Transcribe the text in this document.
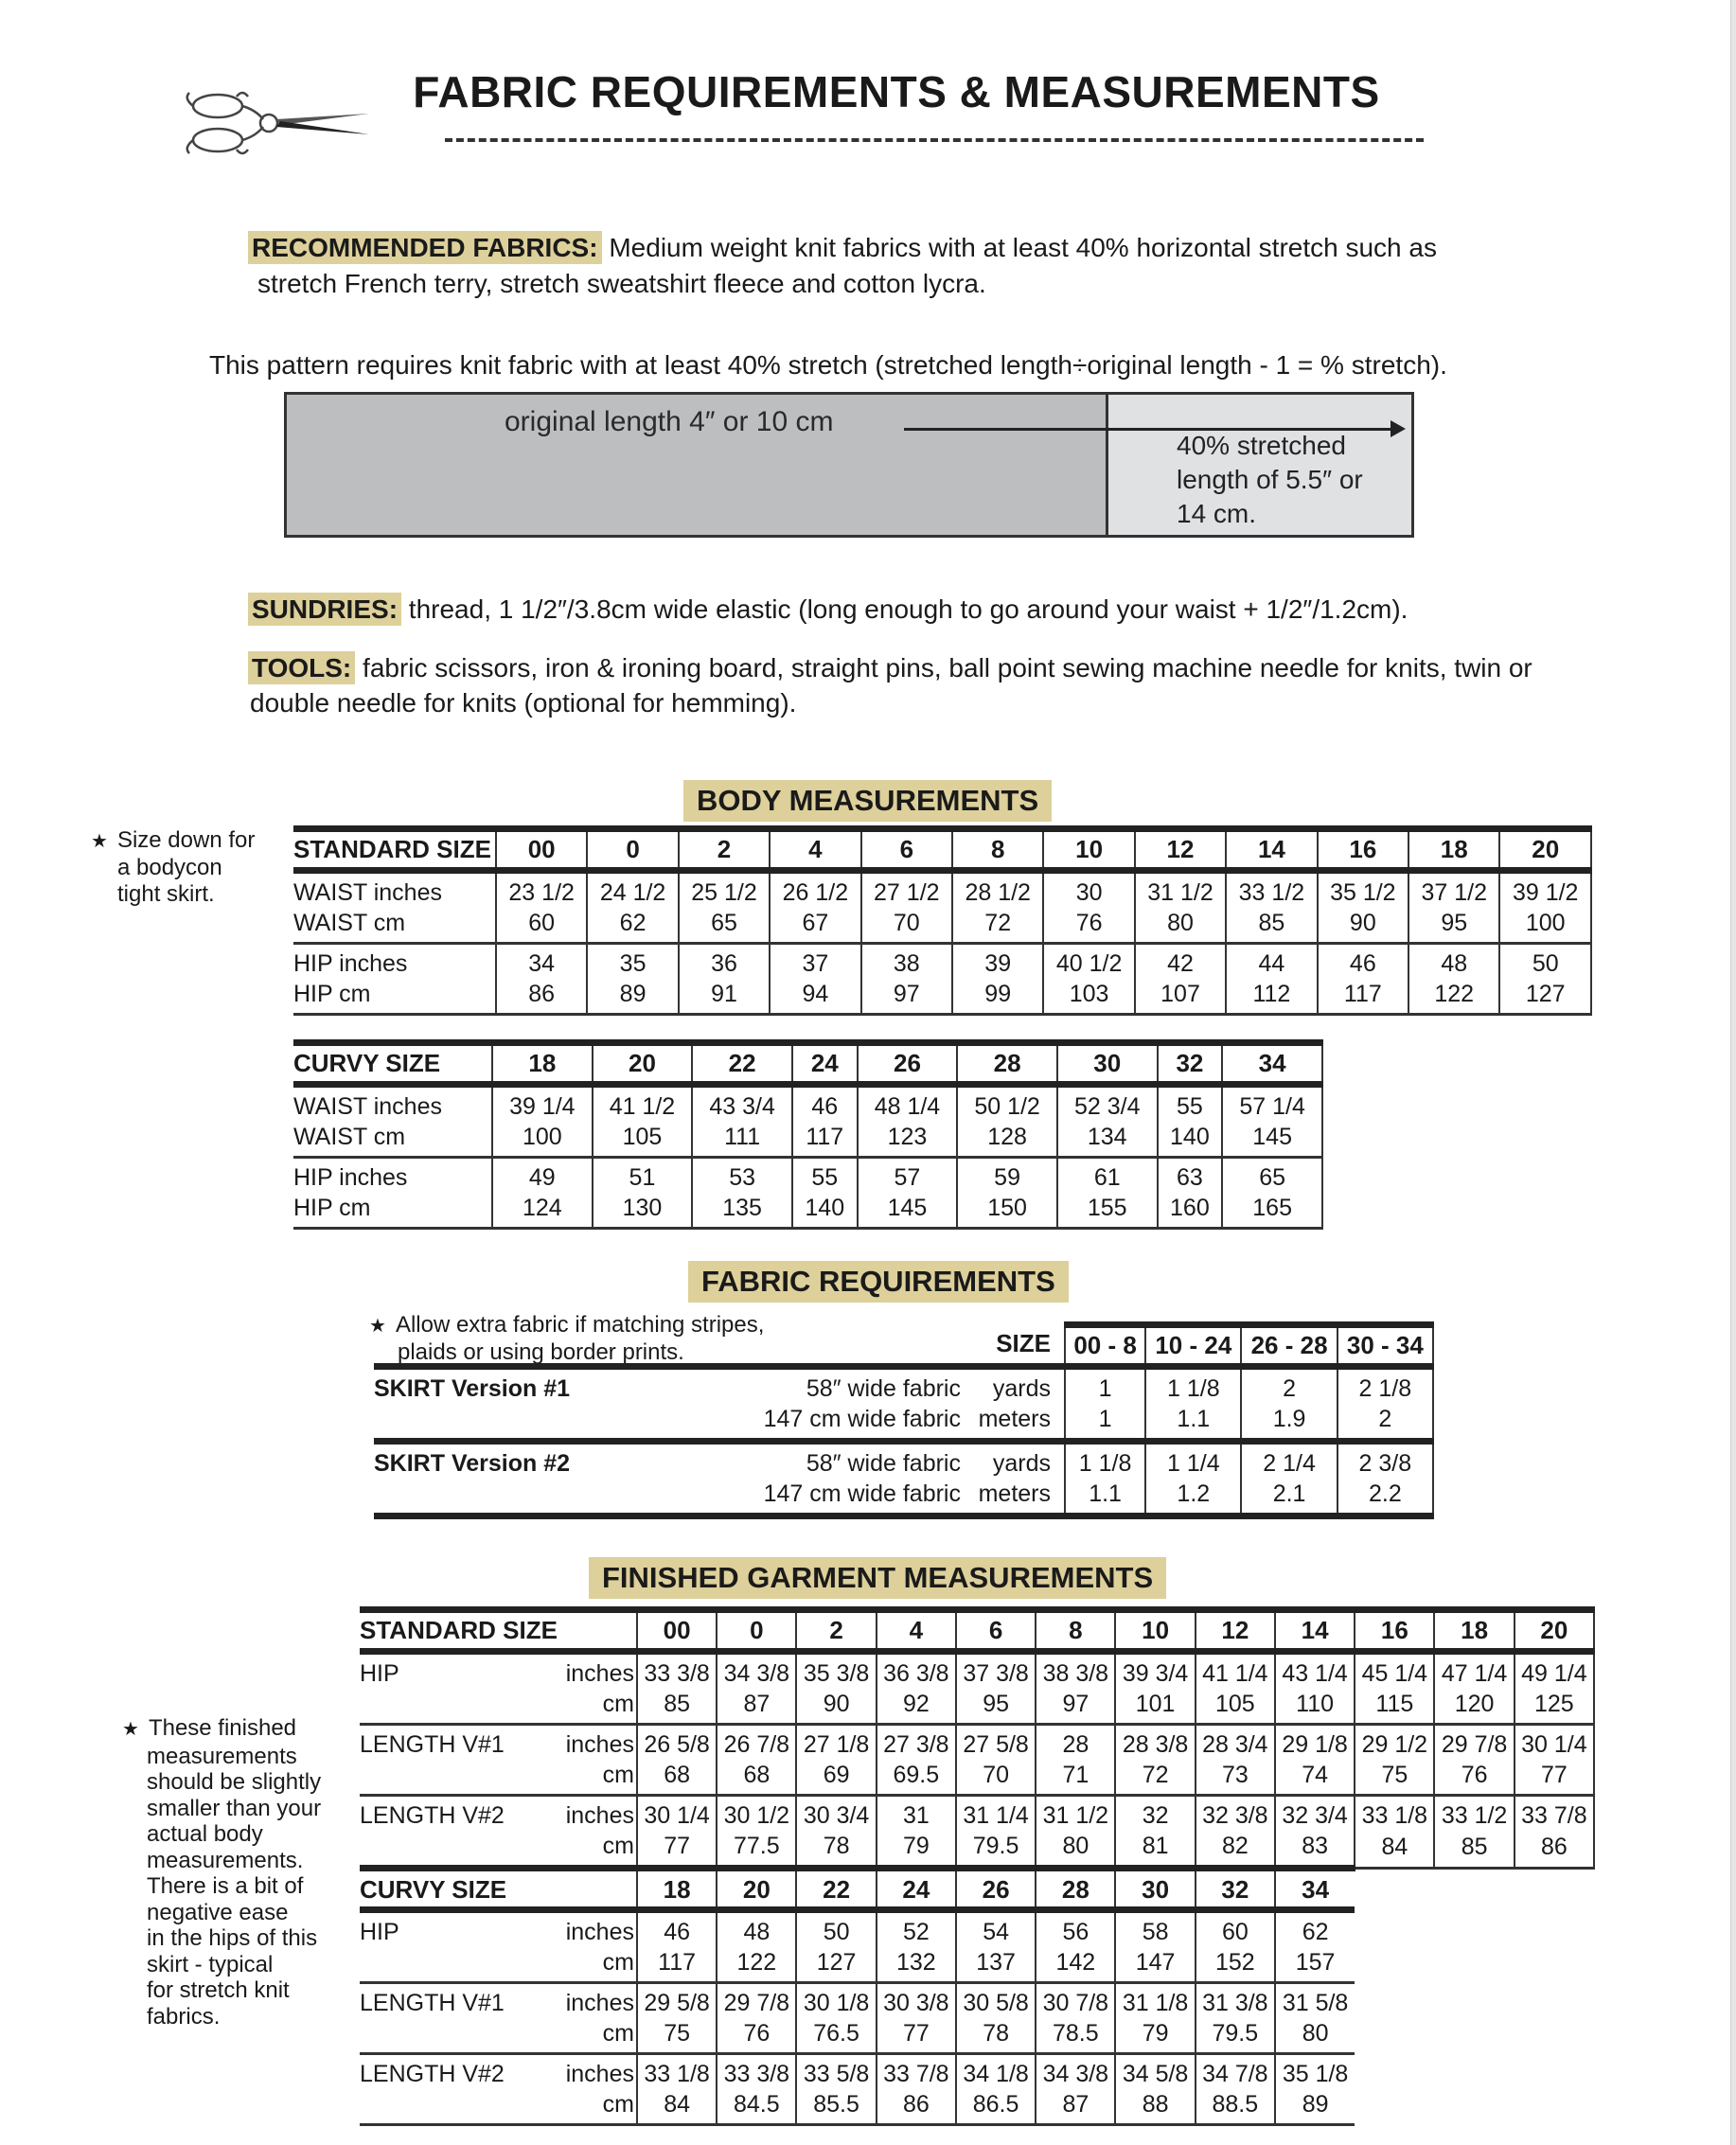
FABRIC REQUIREMENTS & MEASUREMENTS
RECOMMENDED FABRICS: Medium weight knit fabrics with at least 40% horizontal stretch such as
stretch French terry, stretch sweatshirt fleece and cotton lycra.
This pattern requires knit fabric with at least 40% stretch (stretched length÷original length - 1 = % stretch).
original length 4″ or 10 cm
40% stretched
length of 5.5″ or
14 cm.
SUNDRIES: thread, 1 1/2″/3.8cm wide elastic (long enough to go around your waist + 1/2″/1.2cm).
TOOLS: fabric scissors, iron & ironing board, straight pins, ball point sewing machine needle for knits, twin or
double needle for knits (optional for hemming).
BODY MEASUREMENTS
★ Size down for
a bodycon
tight skirt.
STANDARD SIZE	00	0	2	4	6	8	10	12	14	16	18	20
WAIST inches	23 1/2	24 1/2	25 1/2	26 1/2	27 1/2	28 1/2	30	31 1/2	33 1/2	35 1/2	37 1/2	39 1/2
WAIST cm	60	62	65	67	70	72	76	80	85	90	95	100
HIP inches	34	35	36	37	38	39	40 1/2	42	44	46	48	50
HIP cm	86	89	91	94	97	99	103	107	112	117	122	127
CURVY SIZE	18	20	22	24	26	28	30	32	34
WAIST inches	39 1/4	41 1/2	43 3/4	46	48 1/4	50 1/2	52 3/4	55	57 1/4
WAIST cm	100	105	111	117	123	128	134	140	145
HIP inches	49	51	53	55	57	59	61	63	65
HIP cm	124	130	135	140	145	150	155	160	165
FABRIC REQUIREMENTS
★ Allow extra fabric if matching stripes,
plaids or using border prints.
			SIZE	00 - 8	10 - 24	26 - 28	30 - 34
SKIRT Version #1	58″ wide fabric	yards	1	1 1/8	2	2 1/8
	147 cm wide fabric	meters	1	1.1	1.9	2
SKIRT Version #2	58″ wide fabric	yards	1 1/8	1 1/4	2 1/4	2 3/8
	147 cm wide fabric	meters	1.1	1.2	2.1	2.2
FINISHED GARMENT MEASUREMENTS
★ These finished
measurements
should be slightly
smaller than your
actual body
measurements.
There is a bit of
negative ease
in the hips of this
skirt - typical
for stretch knit
fabrics.
STANDARD SIZE		00	0	2	4	6	8	10	12	14	16	18	20
HIP	inches	33 3/8	34 3/8	35 3/8	36 3/8	37 3/8	38 3/8	39 3/4	41 1/4	43 1/4	45 1/4	47 1/4	49 1/4
	cm	85	87	90	92	95	97	101	105	110	115	120	125
LENGTH V#1	inches	26 5/8	26 7/8	27 1/8	27 3/8	27 5/8	28	28 3/8	28 3/4	29 1/8	29 1/2	29 7/8	30 1/4
	cm	68	68	69	69.5	70	71	72	73	74	75	76	77
LENGTH V#2	inches	30 1/4	30 1/2	30 3/4	31	31 1/4	31 1/2	32	32 3/8	32 3/4	33 1/8	33 1/2	33 7/8
	cm	77	77.5	78	79	79.5	80	81	82	83	84	85	86
CURVY SIZE		18	20	22	24	26	28	30	32	34			
HIP	inches	46	48	50	52	54	56	58	60	62			
	cm	117	122	127	132	137	142	147	152	157			
LENGTH V#1	inches	29 5/8	29 7/8	30 1/8	30 3/8	30 5/8	30 7/8	31 1/8	31 3/8	31 5/8			
	cm	75	76	76.5	77	78	78.5	79	79.5	80			
LENGTH V#2	inches	33 1/8	33 3/8	33 5/8	33 7/8	34 1/8	34 3/8	34 5/8	34 7/8	35 1/8			
	cm	84	84.5	85.5	86	86.5	87	88	88.5	89			
